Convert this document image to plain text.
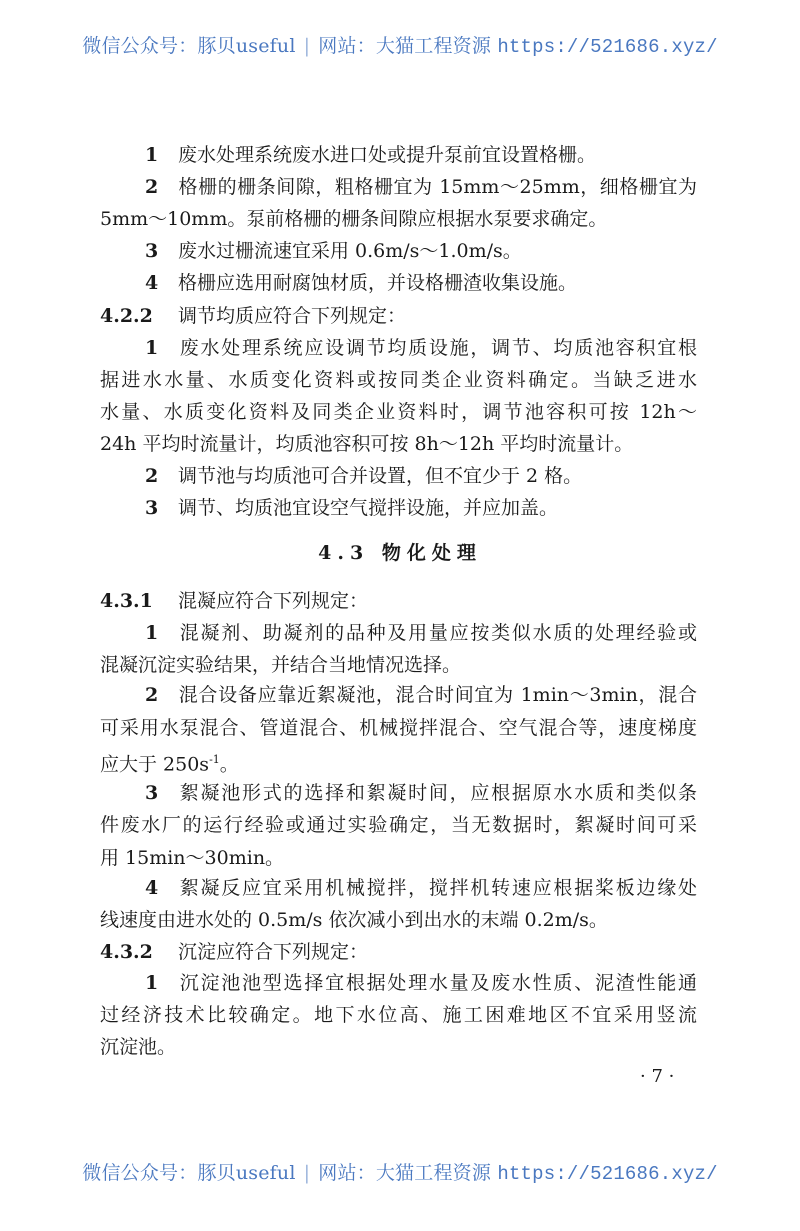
微信公众号：豚贝useful | 网站：大猫工程资源 https://521686.xyz/
1 废水处理系统废水进口处或提升泵前宜设置格栅。
2 格栅的栅条间隙，粗格栅宜为 15mm～25mm，细格栅宜为
5mm～10mm。泵前格栅的栅条间隙应根据水泵要求确定。
3 废水过栅流速宜采用 0.6m/s～1.0m/s。
4 格栅应选用耐腐蚀材质，并设格栅渣收集设施。
4.2.2 调节均质应符合下列规定：
1 废水处理系统应设调节均质设施，调节、均质池容积宜根
据进水水量、水质变化资料或按同类企业资料确定。当缺乏进水
水量、水质变化资料及同类企业资料时，调节池容积可按 12h～
24h 平均时流量计，均质池容积可按 8h～12h 平均时流量计。
2 调节池与均质池可合并设置，但不宜少于 2 格。
3 调节、均质池宜设空气搅拌设施，并应加盖。
4.3.1 混凝应符合下列规定：
1 混凝剂、助凝剂的品种及用量应按类似水质的处理经验或
混凝沉淀实验结果，并结合当地情况选择。
2 混合设备应靠近絮凝池，混合时间宜为 1min～3min，混合
可采用水泵混合、管道混合、机械搅拌混合、空气混合等，速度梯度
应大于 $250s^{-1}$。
3 絮凝池形式的选择和絮凝时间，应根据原水水质和类似条
件废水厂的运行经验或通过实验确定，当无数据时，絮凝时间可采
用 15min～30min。
4 絮凝反应宜采用机械搅拌，搅拌机转速应根据桨板边缘处
线速度由进水处的 0.5m/s 依次减小到出水的末端 0.2m/s。
4.3.2 沉淀应符合下列规定：
1 沉淀池池型选择宜根据处理水量及废水性质、泥渣性能通
过经济技术比较确定。地下水位高、施工困难地区不宜采用竖流
沉淀池。
4.3 物化处理
· 7 ·
微信公众号：豚贝useful | 网站：大猫工程资源 https://521686.xyz/
